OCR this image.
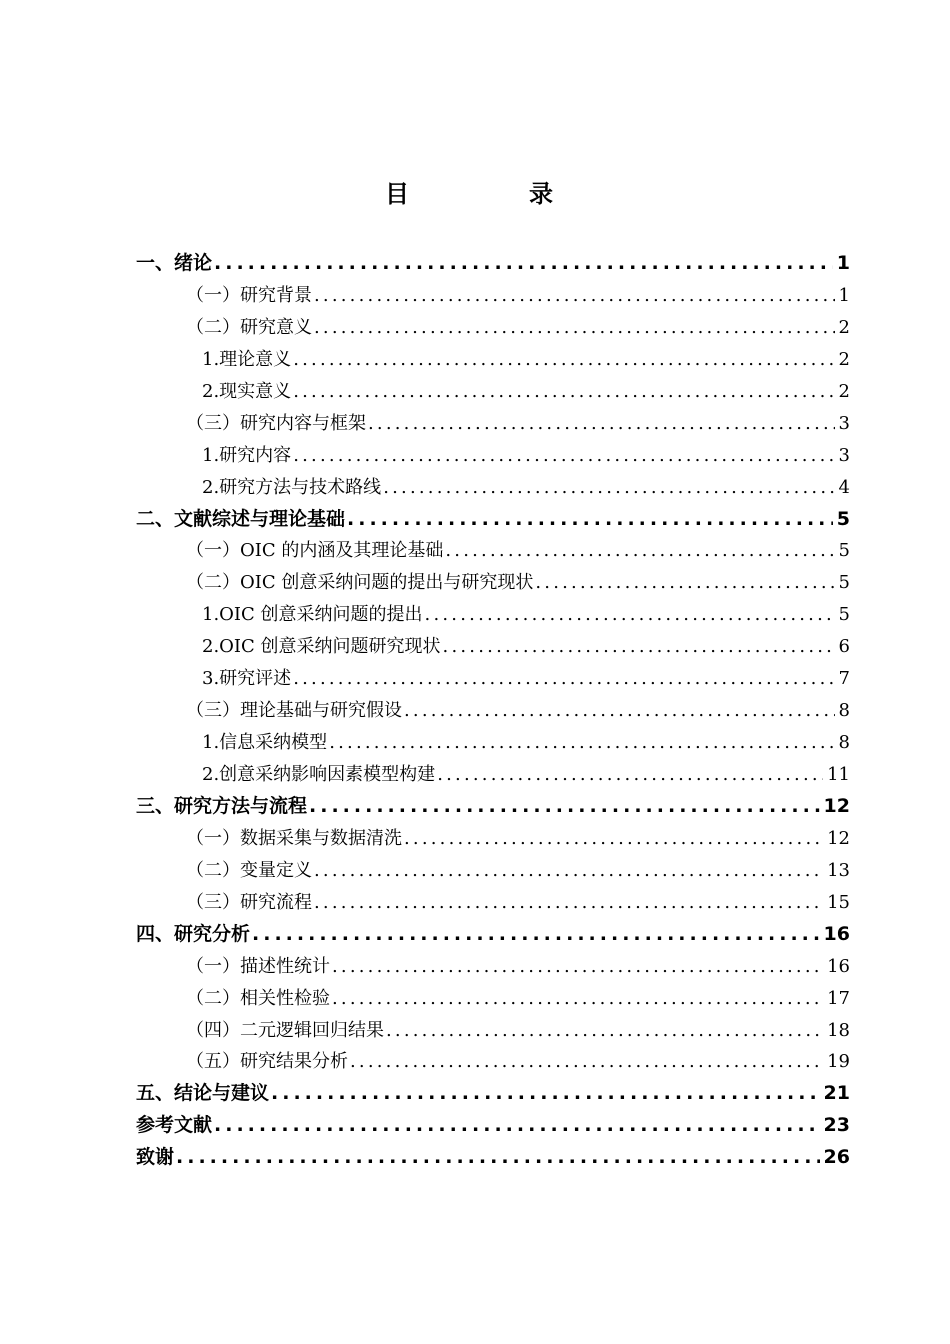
目　录
一、绪论 .....	1
（一）研究背景 .....	1
（二）研究意义 .....	2
1.理论意义 .....	2
2.现实意义 .....	2
（三）研究内容与框架 .....	3
1.研究内容 .....	3
2.研究方法与技术路线 .....	4
二、文献综述与理论基础 .....	5
（一）OIC 的内涵及其理论基础 .....	5
（二）OIC 创意采纳问题的提出与研究现状 .....	5
1.OIC 创意采纳问题的提出 .....	5
2.OIC 创意采纳问题研究现状 .....	6
3.研究评述 .....	7
（三）理论基础与研究假设 .....	8
1.信息采纳模型 .....	8
2.创意采纳影响因素模型构建 .....	11
三、研究方法与流程 .....	12
（一）数据采集与数据清洗 .....	12
（二）变量定义 .....	13
（三）研究流程 .....	15
四、研究分析 .....	16
（一）描述性统计 .....	16
（二）相关性检验 .....	17
（四）二元逻辑回归结果 .....	18
（五）研究结果分析 .....	19
五、结论与建议 .....	21
参考文献 .....	23
致谢 .....	26
